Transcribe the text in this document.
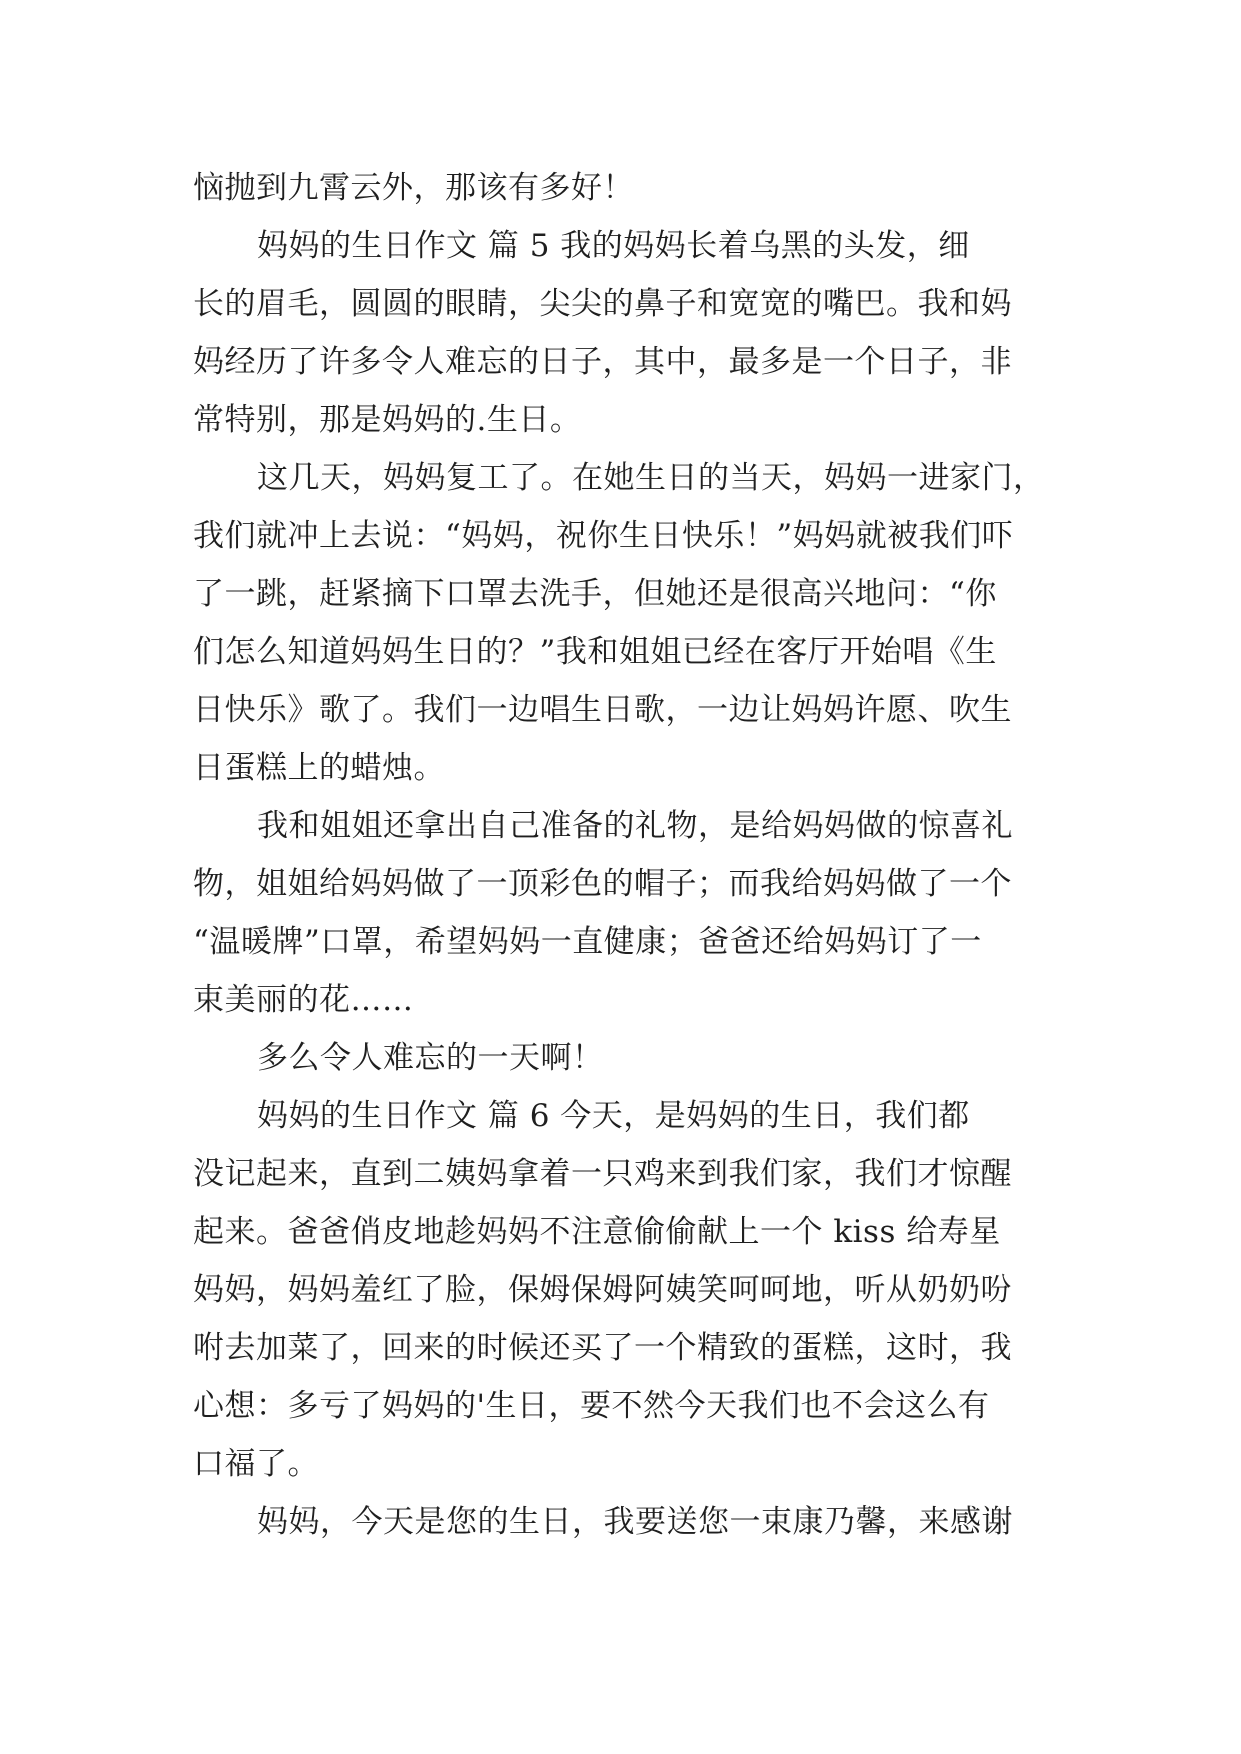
恼抛到九霄云外，那该有多好！
妈妈的生日作文 篇 5 我的妈妈长着乌黑的头发，细
长的眉毛，圆圆的眼睛，尖尖的鼻子和宽宽的嘴巴。我和妈
妈经历了许多令人难忘的日子，其中，最多是一个日子，非
常特别，那是妈妈的.生日。
这几天，妈妈复工了。在她生日的当天，妈妈一进家门，
我们就冲上去说：“妈妈，祝你生日快乐！”妈妈就被我们吓
了一跳，赶紧摘下口罩去洗手，但她还是很高兴地问：“你
们怎么知道妈妈生日的？”我和姐姐已经在客厅开始唱《生
日快乐》歌了。我们一边唱生日歌，一边让妈妈许愿、吹生
日蛋糕上的蜡烛。
我和姐姐还拿出自己准备的礼物，是给妈妈做的惊喜礼
物，姐姐给妈妈做了一顶彩色的帽子；而我给妈妈做了一个
“温暖牌”口罩，希望妈妈一直健康；爸爸还给妈妈订了一
束美丽的花……
多么令人难忘的一天啊！
妈妈的生日作文 篇 6 今天，是妈妈的生日，我们都
没记起来，直到二姨妈拿着一只鸡来到我们家，我们才惊醒
起来。爸爸俏皮地趁妈妈不注意偷偷献上一个 kiss 给寿星
妈妈，妈妈羞红了脸，保姆保姆阿姨笑呵呵地，听从奶奶吩
咐去加菜了，回来的时候还买了一个精致的蛋糕，这时，我
心想：多亏了妈妈的'生日，要不然今天我们也不会这么有
口福了。
妈妈，今天是您的生日，我要送您一束康乃馨，来感谢
